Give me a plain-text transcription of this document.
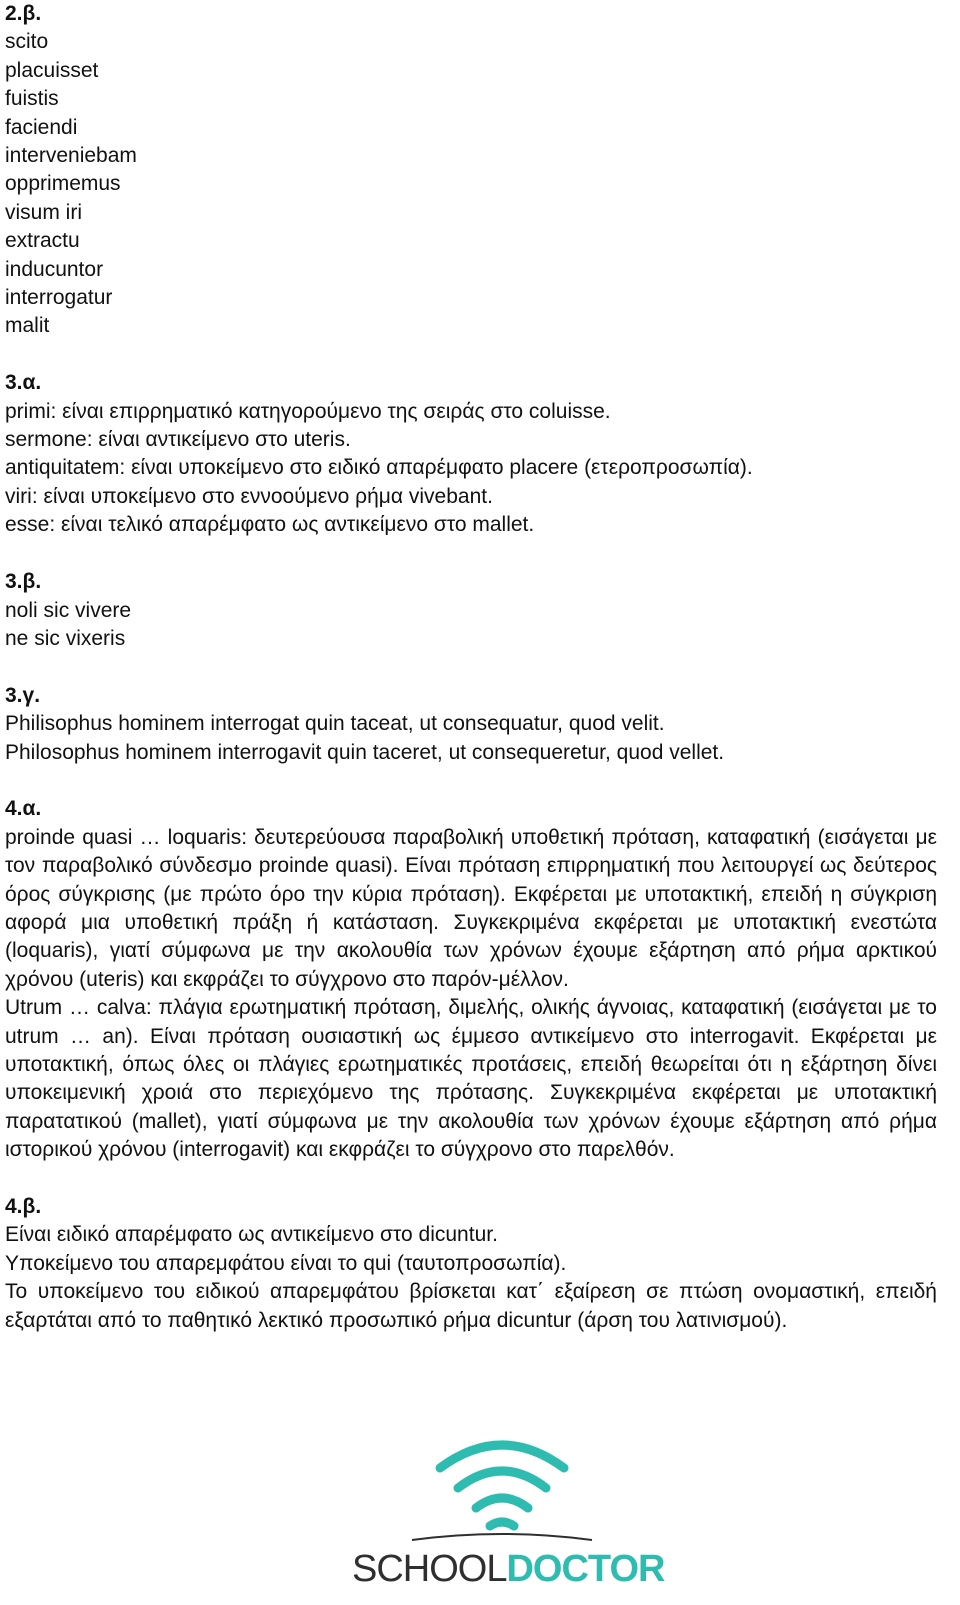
2.β.
scito
placuisset
fuistis
faciendi
interveniebam
opprimemus
visum iri
extractu
inducuntor
interrogatur
malit
3.α.
primi: είναι επιρρηματικό κατηγορούμενο της σειράς στο coluisse.
sermone: είναι αντικείμενο στο uteris.
antiquitatem: είναι υποκείμενο στο ειδικό απαρέμφατο placere (ετεροπροσωπία).
viri: είναι υποκείμενο στο εννοούμενο ρήμα vivebant.
esse: είναι τελικό απαρέμφατο ως αντικείμενο στο mallet.
3.β.
noli sic vivere
ne sic vixeris
3.γ.
Philisophus hominem interrogat quin taceat, ut consequatur, quod velit.
Philosophus hominem interrogavit quin taceret, ut consequeretur, quod vellet.
4.α.

proinde quasi … loquaris: δευτερεύουσα παραβολική υποθετική πρόταση, καταφατική (εισάγεται με τον παραβολικό σύνδεσμο proinde quasi). Είναι πρόταση επιρρηματική που λειτουργεί ως δεύτερος όρος σύγκρισης (με πρώτο όρο την κύρια πρόταση). Εκφέρεται με υποτακτική, επειδή η σύγκριση αφορά μια υποθετική πράξη ή κατάσταση. Συγκεκριμένα εκφέρεται με υποτακτική ενεστώτα (loquaris), γιατί σύμφωνα με την ακολουθία των χρόνων έχουμε εξάρτηση από ρήμα αρκτικού χρόνου (uteris) και εκφράζει το σύγχρονο στο παρόν-μέλλον.

Utrum … calva: πλάγια ερωτηματική πρόταση, διμελής, ολικής άγνοιας, καταφατική (εισάγεται με το utrum … an). Είναι πρόταση ουσιαστική ως έμμεσο αντικείμενο στο interrogavit. Εκφέρεται με υποτακτική, όπως όλες οι πλάγιες ερωτηματικές προτάσεις, επειδή θεωρείται ότι η εξάρτηση δίνει υποκειμενική χροιά στο περιεχόμενο της πρότασης. Συγκεκριμένα εκφέρεται με υποτακτική παρατατικού (mallet), γιατί σύμφωνα με την ακολουθία των χρόνων έχουμε εξάρτηση από ρήμα ιστορικού χρόνου (interrogavit) και εκφράζει το σύγχρονο στο παρελθόν.

4.β.
Είναι ειδικό απαρέμφατο ως αντικείμενο στο dicuntur.
Υποκείμενο του απαρεμφάτου είναι το qui (ταυτοπροσωπία).

Το υποκείμενο του ειδικού απαρεμφάτου βρίσκεται κατ΄ εξαίρεση σε πτώση ονομαστική, επειδή εξαρτάται από το παθητικό λεκτικό προσωπικό ρήμα dicuntur (άρση του λατινισμού).

SCHOOLDOCTOR
